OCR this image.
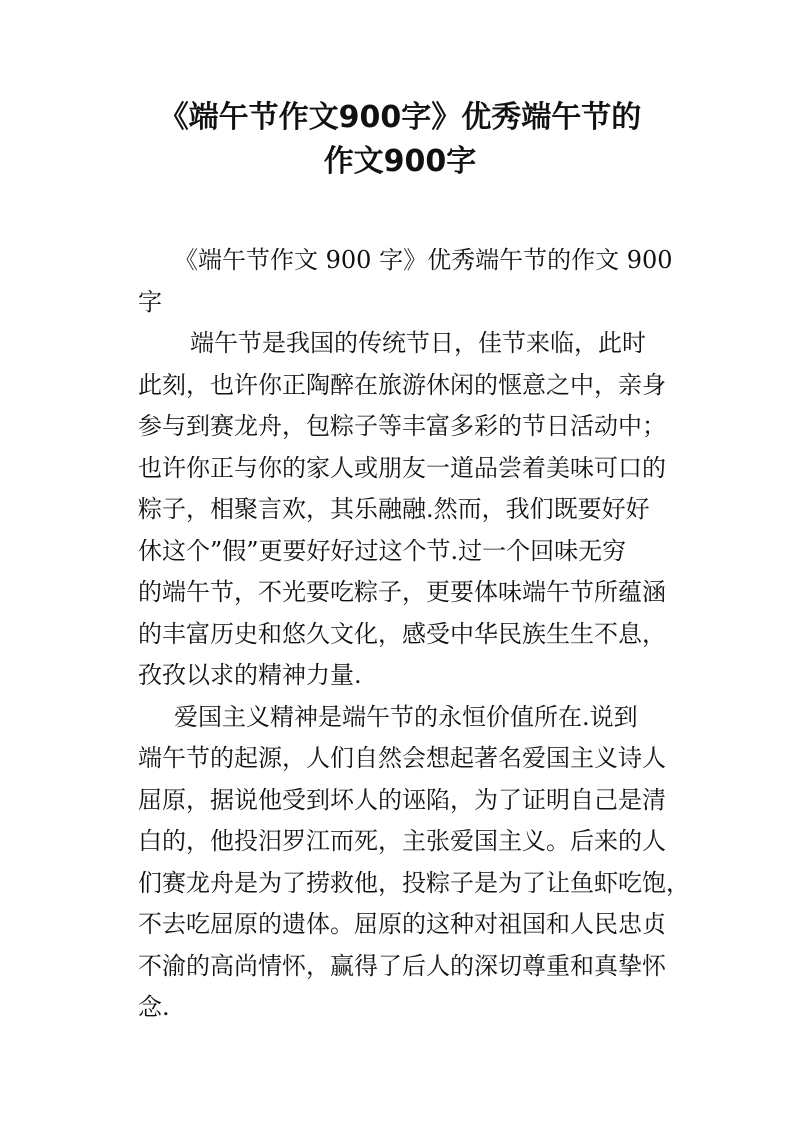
《端午节作文900字》优秀端午节的
作文900字
《端午节作文 900 字》优秀端午节的作文 900
字
端午节是我国的传统节日，佳节来临，此时
此刻，也许你正陶醉在旅游休闲的惬意之中，亲身
参与到赛龙舟，包粽子等丰富多彩的节日活动中；
也许你正与你的家人或朋友一道品尝着美味可口的
粽子，相聚言欢，其乐融融.然而，我们既要好好
休这个”假”更要好好过这个节.过一个回味无穷
的端午节，不光要吃粽子，更要体味端午节所蕴涵
的丰富历史和悠久文化，感受中华民族生生不息，
孜孜以求的精神力量.
爱国主义精神是端午节的永恒价值所在.说到
端午节的起源，人们自然会想起著名爱国主义诗人
屈原，据说他受到坏人的诬陷，为了证明自己是清
白的，他投汨罗江而死，主张爱国主义。后来的人
们赛龙舟是为了捞救他，投粽子是为了让鱼虾吃饱，
不去吃屈原的遗体。屈原的这种对祖国和人民忠贞
不渝的高尚情怀，赢得了后人的深切尊重和真挚怀
念.
